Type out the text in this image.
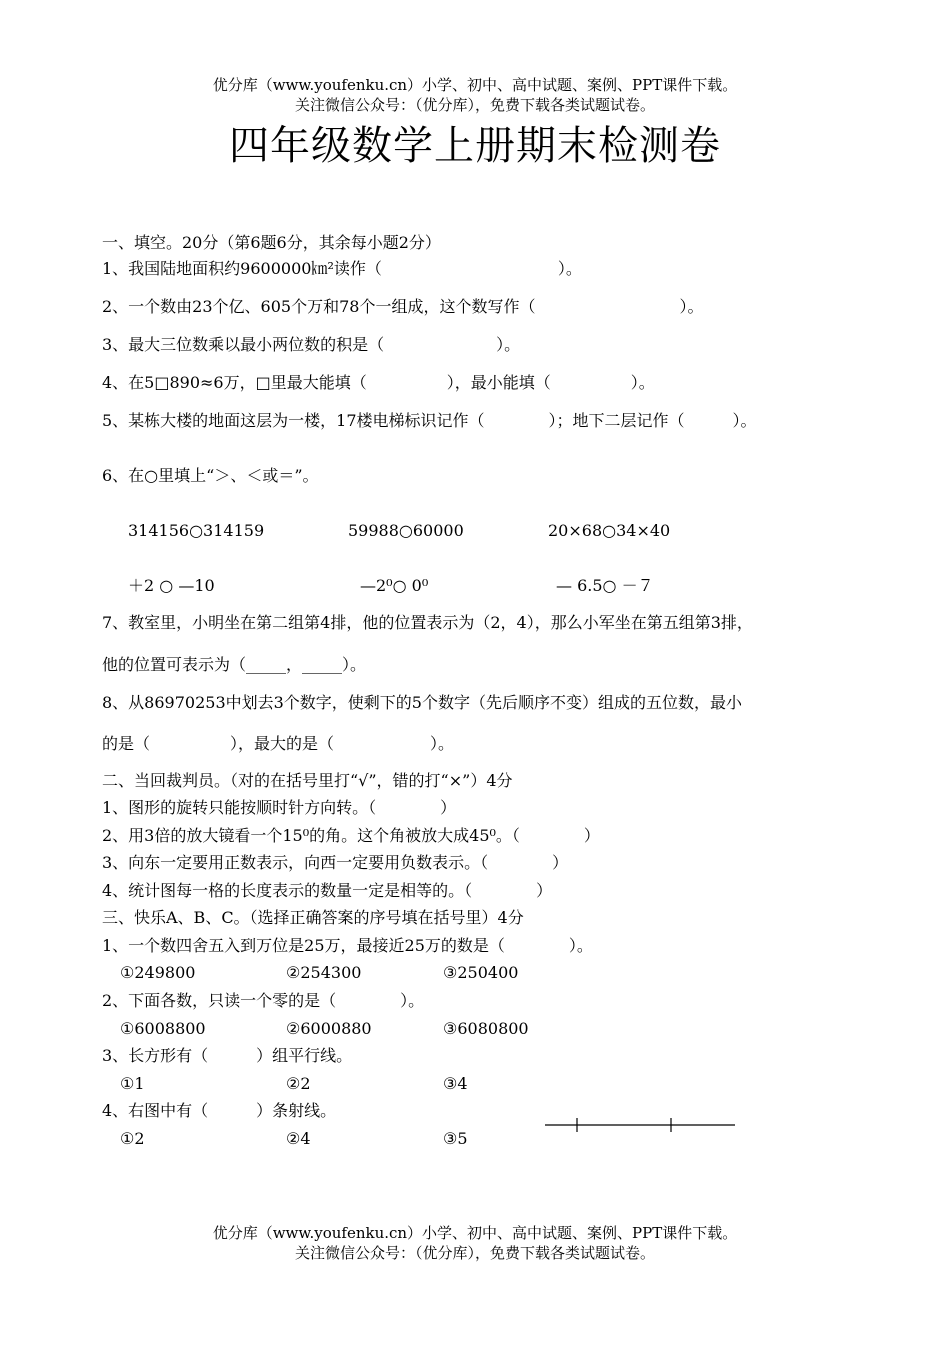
优分库（www.youfenku.cn）小学、初中、高中试题、案例、PPT课件下载。
关注微信公众号：（优分库），免费下载各类试题试卷。
四年级数学上册期末检测卷
一、填空。20分（第6题6分，其余每小题2分）
1、我国陆地面积约9600000㎞²读作（　　　　　　　　　　　）。
2、一个数由23个亿、605个万和78个一组成，这个数写作（　　　　　　　　　）。
3、最大三位数乘以最小两位数的积是（　　　　　　　）。
4、在5□890≈6万，□里最大能填（　　　　　），最小能填（　　　　　）。
5、某栋大楼的地面这层为一楼，17楼电梯标识记作（　　　　）；地下二层记作（　　　）。
6、在○里填上“＞、＜或＝”。
314156○314159	59988○60000	20×68○34×40
＋2 ○ —10	—2⁰○ 0⁰	— 6.5○ －７
7、教室里，小明坐在第二组第4排，他的位置表示为（2，4），那么小军坐在第五组第3排，
他的位置可表示为（_____，_____）。
8、从86970253中划去3个数字，使剩下的5个数字（先后顺序不变）组成的五位数，最小
的是（　　　　　），最大的是（　　　　　　）。
二、当回裁判员。（对的在括号里打“√”，错的打“×”）4分
1、图形的旋转只能按顺时针方向转。（　　　　）
2、用3倍的放大镜看一个15⁰的角。这个角被放大成45⁰。（　　　　）
3、向东一定要用正数表示，向西一定要用负数表示。（　　　　）
4、统计图每一格的长度表示的数量一定是相等的。（　　　　）
三、快乐A、B、C。（选择正确答案的序号填在括号里）4分
1、一个数四舍五入到万位是25万，最接近25万的数是（　　　　）。
①249800	②254300	③250400
2、下面各数，只读一个零的是（　　　　）。
①6008800	②6000880	③6080800
3、长方形有（　　　）组平行线。
①1	②2	③4
4、右图中有（　　　）条射线。
①2	②4	③5
优分库（www.youfenku.cn）小学、初中、高中试题、案例、PPT课件下载。
关注微信公众号：（优分库），免费下载各类试题试卷。
